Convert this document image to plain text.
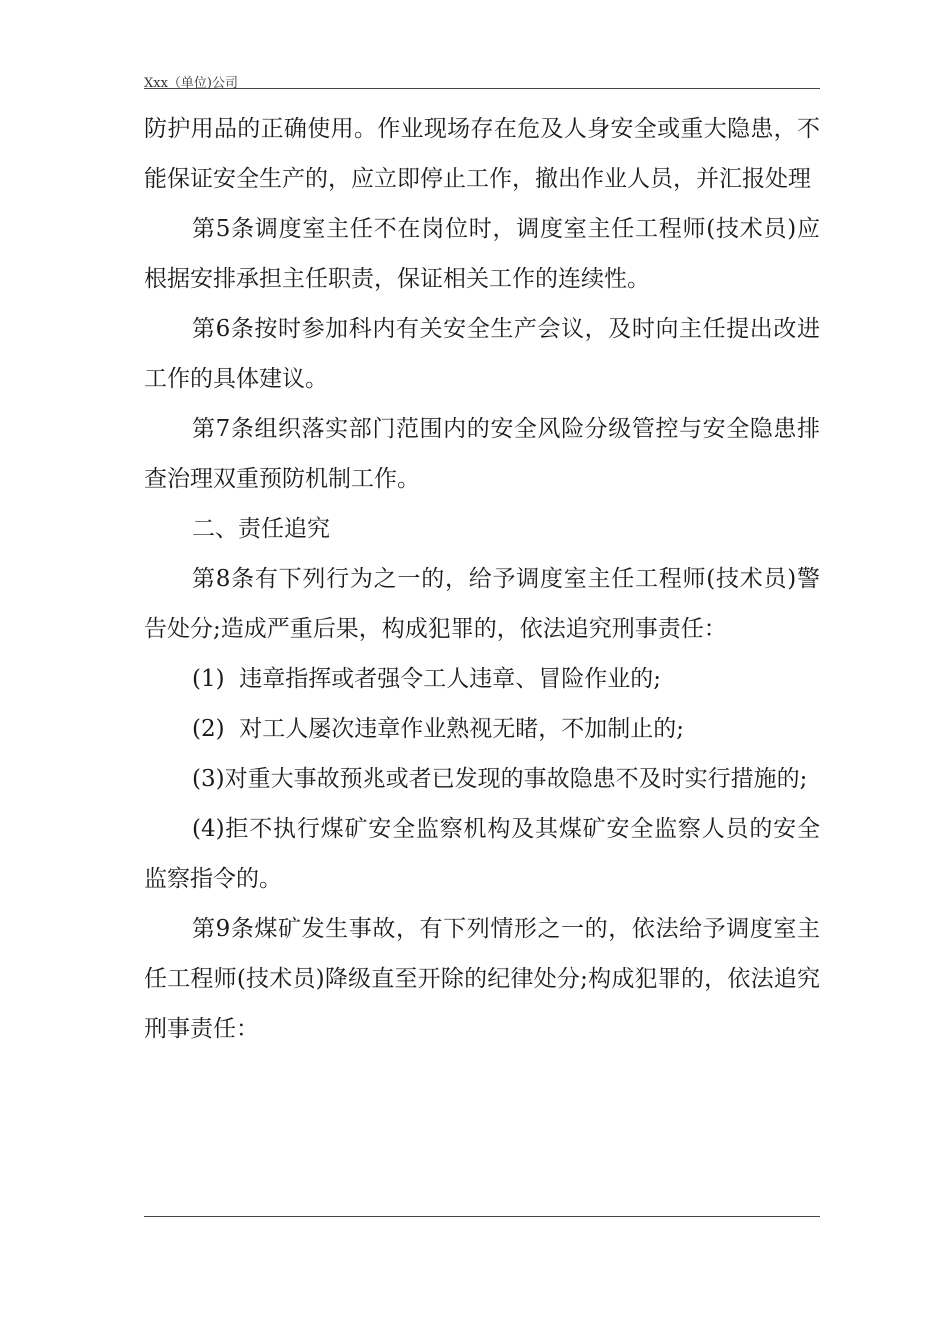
Xxx（单位)公司

防护用品的正确使用。作业现场存在危及人身安全或重大隐患，不能保证安全生产的，应立即停止工作，撤出作业人员，并汇报处理

第5条调度室主任不在岗位时，调度室主任工程师(技术员)应根据安排承担主任职责，保证相关工作的连续性。

第6条按时参加科内有关安全生产会议，及时向主任提出改进工作的具体建议。

第7条组织落实部门范围内的安全风险分级管控与安全隐患排查治理双重预防机制工作。

二、责任追究

第8条有下列行为之一的，给予调度室主任工程师(技术员)警告处分;造成严重后果，构成犯罪的，依法追究刑事责任：

(1)  违章指挥或者强令工人违章、冒险作业的;

(2)  对工人屡次违章作业熟视无睹，不加制止的;

(3)对重大事故预兆或者已发现的事故隐患不及时实行措施的;

(4)拒不执行煤矿安全监察机构及其煤矿安全监察人员的安全监察指令的。

第9条煤矿发生事故，有下列情形之一的，依法给予调度室主任工程师(技术员)降级直至开除的纪律处分;构成犯罪的，依法追究刑事责任：
